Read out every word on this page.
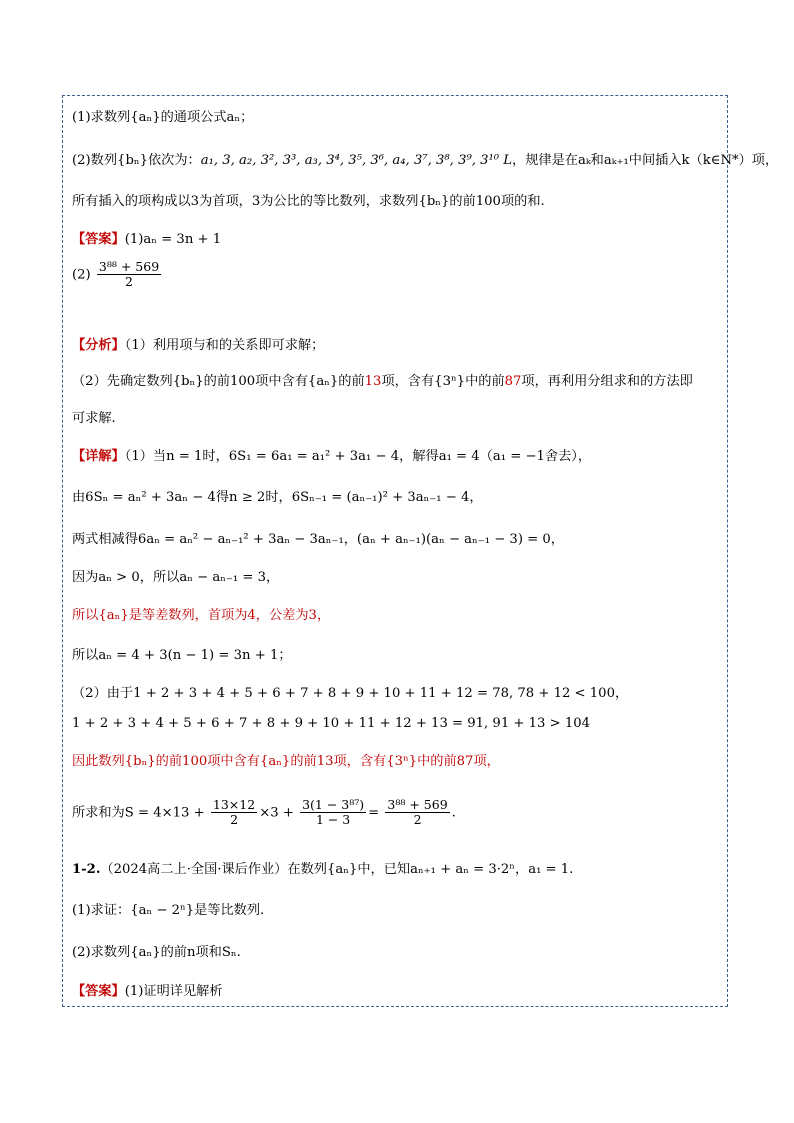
(1)求数列{aₙ}的通项公式aₙ；
(2)数列{bₙ}依次为：a₁, 3, a₂, 3², 3³, a₃, 3⁴, 3⁵, 3⁶, a₄, 3⁷, 3⁸, 3⁹, 3¹⁰ L，规律是在aₖ和aₖ₊₁中间插入k（k∈N*）项，
所有插入的项构成以3为首项，3为公比的等比数列，求数列{bₙ}的前100项的和.
【答案】(1)aₙ = 3n + 1
$(2) \frac{\text{3⁸⁸ + 569}}{2}$
【分析】（1）利用项与和的关系即可求解；
（2）先确定数列{bₙ}的前100项中含有{aₙ}的前13项，含有{3ⁿ}中的前87项，再利用分组求和的方法即
可求解.
【详解】（1）当n = 1时，6S₁ = 6a₁ = a₁² + 3a₁ − 4，解得a₁ = 4（a₁ = −1舍去），
由6Sₙ = aₙ² + 3aₙ − 4得n ≥ 2时，6Sₙ₋₁ = (aₙ₋₁)² + 3aₙ₋₁ − 4，
两式相减得6aₙ = aₙ² − aₙ₋₁² + 3aₙ − 3aₙ₋₁，(aₙ + aₙ₋₁)(aₙ − aₙ₋₁ − 3) = 0，
因为aₙ > 0，所以aₙ − aₙ₋₁ = 3，
所以{aₙ}是等差数列，首项为4，公差为3，
所以aₙ = 4 + 3(n − 1) = 3n + 1；
（2）由于1 + 2 + 3 + 4 + 5 + 6 + 7 + 8 + 9 + 10 + 11 + 12 = 78, 78 + 12 < 100，
1 + 2 + 3 + 4 + 5 + 6 + 7 + 8 + 9 + 10 + 11 + 12 + 13 = 91, 91 + 13 > 104
因此数列{bₙ}的前100项中含有{aₙ}的前13项，含有{3ⁿ}中的前87项，
所求和为$S = 4\times 13 + \frac{13\times 12}{2} \times 3 + \frac{\text{3(1 − 3⁸⁷)}}{1 - 3} = \frac{\text{3⁸⁸ + 569}}{2}$ .
1-2.（2024高二上·全国·课后作业）在数列{aₙ}中，已知aₙ₊₁ + aₙ = 3·2ⁿ，a₁ = 1.
(1)求证：{aₙ − 2ⁿ}是等比数列.
(2)求数列{aₙ}的前n项和Sₙ.
【答案】(1)证明详见解析
